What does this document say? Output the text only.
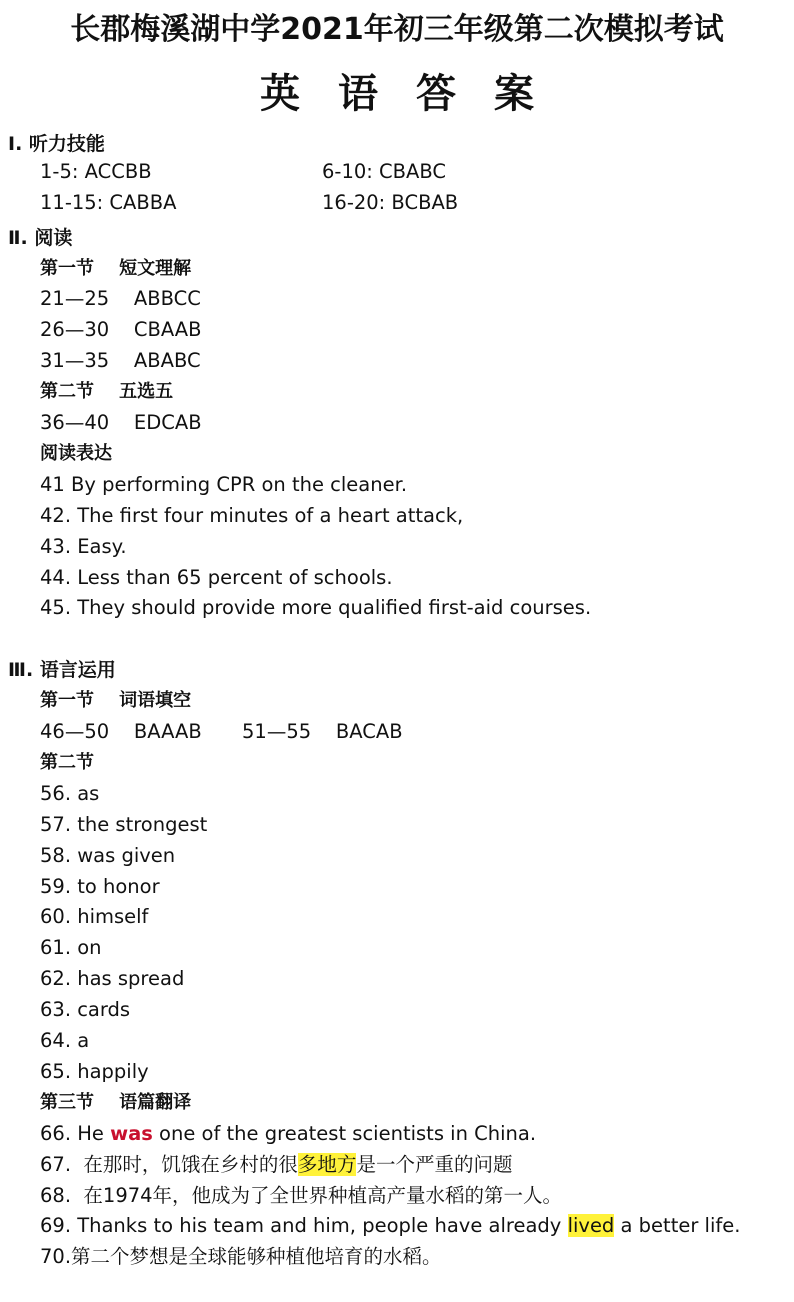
长郡梅溪湖中学2021年初三年级第二次模拟考试
英语答案
Ⅰ. 听力技能
1-5: ACCBB	6-10: CBABC
11-15: CABBA	16-20: BCBAB
Ⅱ. 阅读
第一节    短文理解
21—25    ABBCC
26—30    CBAAB
31—35    ABABC
第二节    五选五
36—40    EDCAB
阅读表达
41 By performing CPR on the cleaner.
42. The first four minutes of a heart attack,
43. Easy.
44. Less than 65 percent of schools.
45. They should provide more qualified first-aid courses.
Ⅲ. 语言运用
第一节    词语填空
46—50    BAAAB 51—55    BACAB
第二节
56. as
57. the strongest
58. was given
59. to honor
60. himself
61. on
62. has spread
63. cards
64. a
65. happily
第三节    语篇翻译
66. He was one of the greatest scientists in China.
67.  在那时，饥饿在乡村的很多地方是一个严重的问题
68.  在1974年，他成为了全世界种植高产量水稻的第一人。
69. Thanks to his team and him, people have already lived a better life.
70.第二个梦想是全球能够种植他培育的水稻。
